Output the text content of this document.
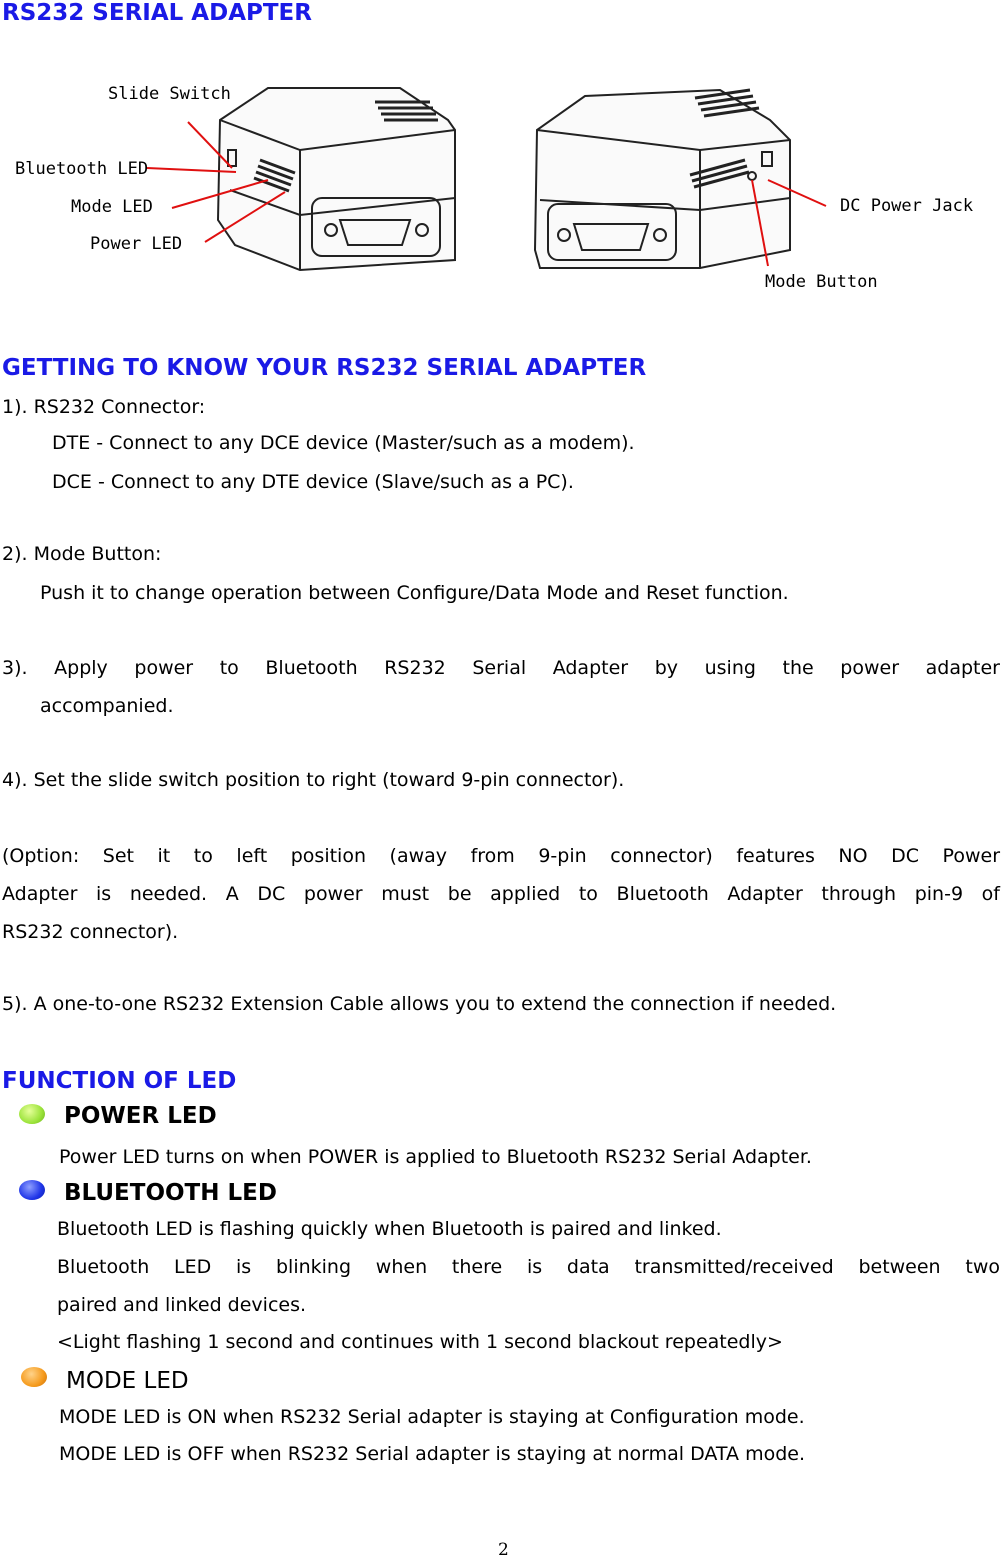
RS232 SERIAL ADAPTER
Slide Switch
Bluetooth LED
Mode LED
Power LED
DC Power Jack
Mode Button
GETTING TO KNOW YOUR RS232 SERIAL ADAPTER
1). RS232 Connector:
DTE - Connect to any DCE device (Master/such as a modem).
DCE - Connect to any DTE device (Slave/such as a PC).
2). Mode Button:
Push it to change operation between Configure/Data Mode and Reset function.
3). Apply power to Bluetooth RS232 Serial Adapter by using the power adapter
accompanied.
4). Set the slide switch position to right (toward 9-pin connector).
(Option: Set it to left position (away from 9-pin connector) features NO DC Power
Adapter is needed. A DC power must be applied to Bluetooth Adapter through pin-9 of
RS232 connector).
5). A one-to-one RS232 Extension Cable allows you to extend the connection if needed.
FUNCTION OF LED
POWER LED
Power LED turns on when POWER is applied to Bluetooth RS232 Serial Adapter.
BLUETOOTH LED
Bluetooth LED is flashing quickly when Bluetooth is paired and linked.
Bluetooth LED is blinking when there is data transmitted/received between two
paired and linked devices.
<Light flashing 1 second and continues with 1 second blackout repeatedly>
MODE LED
MODE LED is ON when RS232 Serial adapter is staying at Configuration mode.
MODE LED is OFF when RS232 Serial adapter is staying at normal DATA mode.
2
